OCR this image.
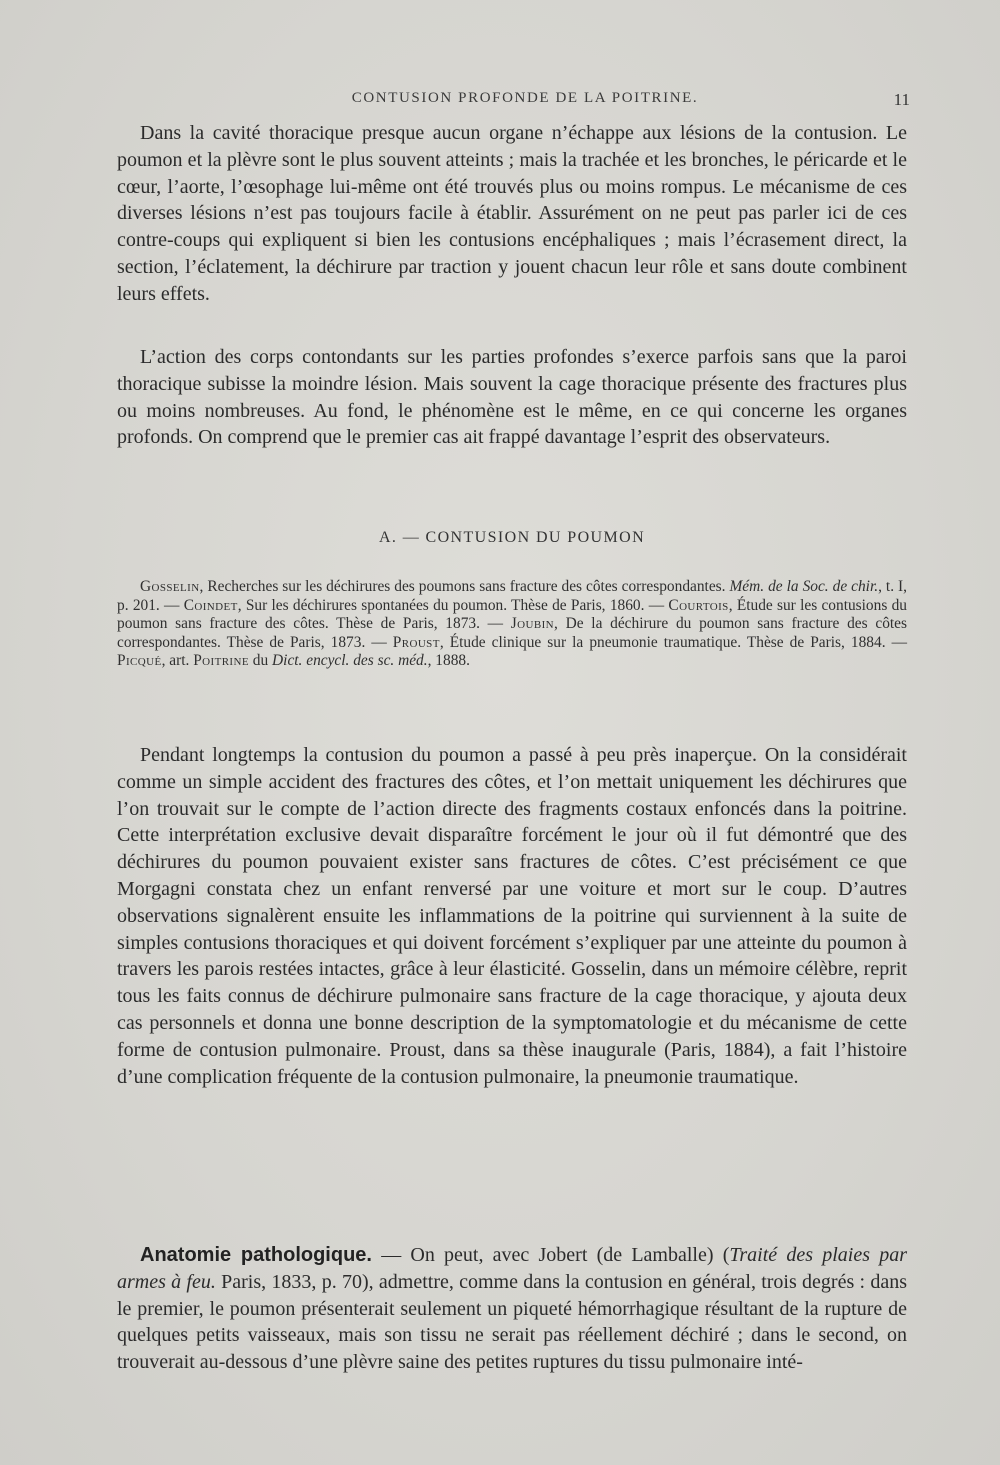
CONTUSION PROFONDE DE LA POITRINE.	11

Dans la cavité thoracique presque aucun organe n’échappe aux lésions de la contusion. Le poumon et la plèvre sont le plus souvent atteints ; mais la trachée et les bronches, le péricarde et le cœur, l’aorte, l’œsophage lui-même ont été trouvés plus ou moins rompus. Le mécanisme de ces diverses lésions n’est pas toujours facile à établir. Assurément on ne peut pas parler ici de ces contre-coups qui expliquent si bien les contusions encéphaliques ; mais l’écrasement direct, la section, l’éclatement, la déchirure par traction y jouent chacun leur rôle et sans doute combinent leurs effets.

L’action des corps contondants sur les parties profondes s’exerce parfois sans que la paroi thoracique subisse la moindre lésion. Mais souvent la cage thoracique présente des fractures plus ou moins nombreuses. Au fond, le phénomène est le même, en ce qui concerne les organes profonds. On comprend que le premier cas ait frappé davantage l’esprit des observateurs.

A. — CONTUSION DU POUMON

Gosselin, Recherches sur les déchirures des poumons sans fracture des côtes correspondantes. Mém. de la Soc. de chir., t. I, p. 201. — Coindet, Sur les déchirures spontanées du poumon. Thèse de Paris, 1860. — Courtois, Étude sur les contusions du poumon sans fracture des côtes. Thèse de Paris, 1873. — Joubin, De la déchirure du poumon sans fracture des côtes correspondantes. Thèse de Paris, 1873. — Proust, Étude clinique sur la pneumonie traumatique. Thèse de Paris, 1884. — Picqué, art. Poitrine du Dict. encycl. des sc. méd., 1888.

Pendant longtemps la contusion du poumon a passé à peu près inaperçue. On la considérait comme un simple accident des fractures des côtes, et l’on mettait uniquement les déchirures que l’on trouvait sur le compte de l’action directe des fragments costaux enfoncés dans la poitrine. Cette interprétation exclusive devait disparaître forcément le jour où il fut démontré que des déchirures du poumon pouvaient exister sans fractures de côtes. C’est précisément ce que Morgagni constata chez un enfant renversé par une voiture et mort sur le coup. D’autres observations signalèrent ensuite les inflammations de la poitrine qui surviennent à la suite de simples contusions thoraciques et qui doivent forcément s’expliquer par une atteinte du poumon à travers les parois restées intactes, grâce à leur élasticité. Gosselin, dans un mémoire célèbre, reprit tous les faits connus de déchirure pulmonaire sans fracture de la cage thoracique, y ajouta deux cas personnels et donna une bonne description de la symptomatologie et du mécanisme de cette forme de contusion pulmonaire. Proust, dans sa thèse inaugurale (Paris, 1884), a fait l’histoire d’une complication fréquente de la contusion pulmonaire, la pneumonie traumatique.

Anatomie pathologique. — On peut, avec Jobert (de Lamballe) (Traité des plaies par armes à feu. Paris, 1833, p. 70), admettre, comme dans la contusion en général, trois degrés : dans le premier, le poumon présenterait seulement un piqueté hémorrhagique résultant de la rupture de quelques petits vaisseaux, mais son tissu ne serait pas réellement déchiré ; dans le second, on trouverait au-dessous d’une plèvre saine des petites ruptures du tissu pulmonaire inté-
